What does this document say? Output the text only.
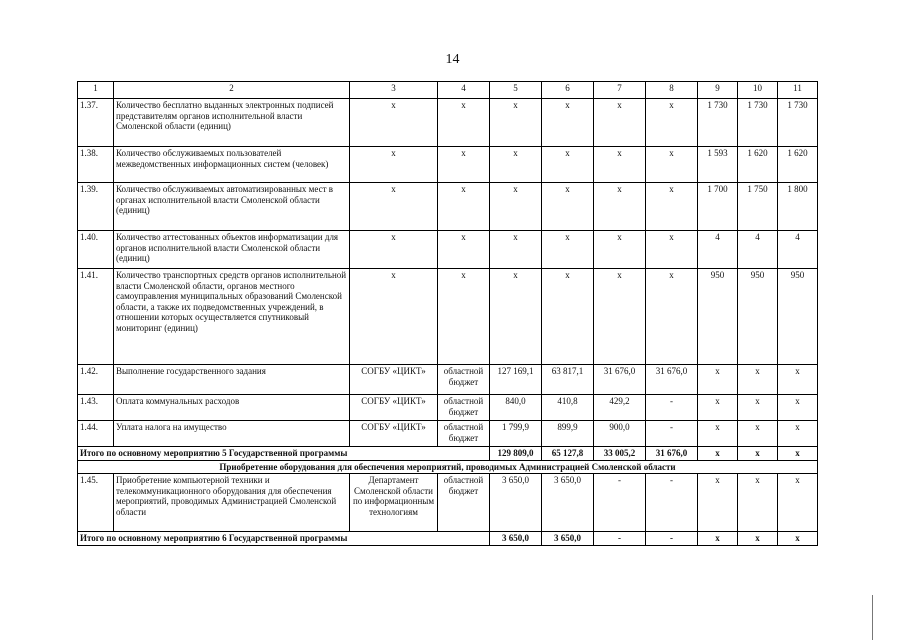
14
1	2	3	4	5	6	7	8	9	10	11
1.37.	Количество бесплатно выданных электронных подписей представителям органов исполнительной власти Смоленской области (единиц)	х	х	х	х	х	х	1 730	1 730	1 730
1.38.	Количество обслуживаемых пользователей межведомственных информационных систем (человек)	х	х	х	х	х	х	1 593	1 620	1 620
1.39.	Количество обслуживаемых автоматизированных мест в органах исполнительной власти Смоленской области (единиц)	х	х	х	х	х	х	1 700	1 750	1 800
1.40.	Количество аттестованных объектов информатизации для органов исполнительной власти Смоленской области (единиц)	х	х	х	х	х	х	4	4	4
1.41.	Количество транспортных средств органов исполнительной власти Смоленской области, органов местного самоуправления муниципальных образований Смоленской области, а также их подведомственных учреждений, в отношении которых осуществляется спутниковый мониторинг (единиц)	х	х	х	х	х	х	950	950	950
1.42.	Выполнение государственного задания	СОГБУ «ЦИКТ»	областной бюджет	127 169,1	63 817,1	31 676,0	31 676,0	х	х	х
1.43.	Оплата коммунальных расходов	СОГБУ «ЦИКТ»	областной бюджет	840,0	410,8	429,2	-	х	х	х
1.44.	Уплата налога на имущество	СОГБУ «ЦИКТ»	областной бюджет	1 799,9	899,9	900,0	-	х	х	х
Итого по основному мероприятию 5 Государственной программы				129 809,0	65 127,8	33 005,2	31 676,0	х	х	х
Приобретение оборудования для обеспечения мероприятий, проводимых Администрацией Смоленской области										
1.45.	Приобретение компьютерной техники и телекоммуникационного оборудования для обеспечения мероприятий, проводимых Администрацией Смоленской области	Департамент Смоленской области по информационным технологиям	областной бюджет	3 650,0	3 650,0	-	-	х	х	х
Итого по основному мероприятию 6 Государственной программы				3 650,0	3 650,0	-	-	х	х	х
